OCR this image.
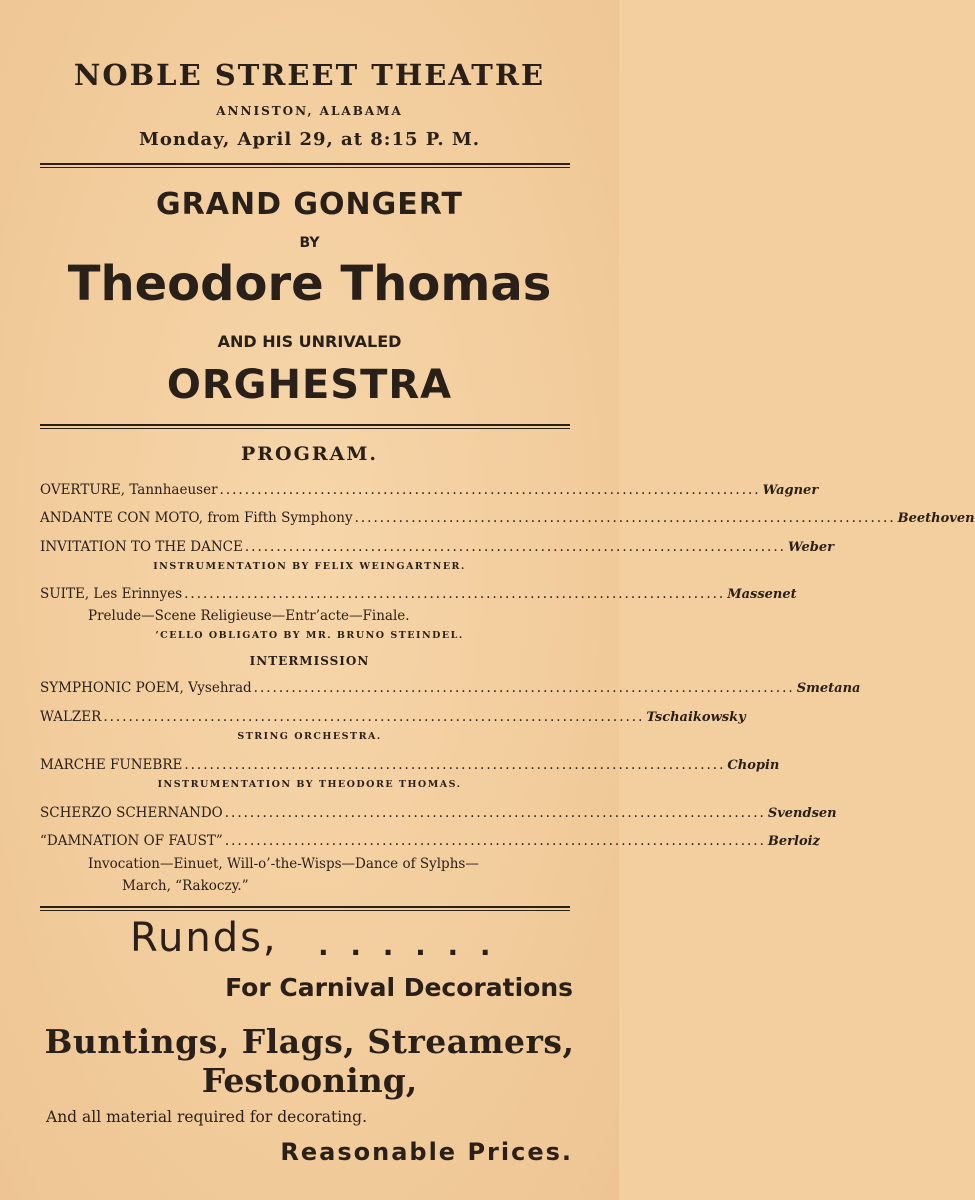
NOBLE STREET THEATRE
ANNISTON, ALABAMA
Monday, April 29, at 8:15 P. M.
GRAND GONGERT
BY
Theodore Thomas
AND HIS UNRIVALED
ORGHESTRA
PROGRAM.
OVERTURE, Tannhaeuser ...................................................................................... Wagner
ANDANTE CON MOTO, from Fifth Symphony ...................................................................................... Beethoven
INVITATION TO THE DANCE ...................................................................................... Weber
INSTRUMENTATION BY FELIX WEINGARTNER.
SUITE, Les Erinnyes ...................................................................................... Massenet
Prelude—Scene Religieuse—Entr’acte—Finale.
’CELLO OBLIGATO BY MR. BRUNO STEINDEL.
INTERMISSION
SYMPHONIC POEM, Vysehrad ...................................................................................... Smetana
WALZER ...................................................................................... Tschaikowsky
STRING ORCHESTRA.
MARCHE FUNEBRE ...................................................................................... Chopin
INSTRUMENTATION BY THEODORE THOMAS.
SCHERZO SCHERNANDO ...................................................................................... Svendsen
“DAMNATION OF FAUST” ...................................................................................... Berloiz
Invocation—Einuet, Will-o’-the-Wisps—Dance of Sylphs—
March, “Rakoczy.”
Runds, . . . . . .
For Carnival Decorations
Buntings, Flags, Streamers,
Festooning,
And all material required for decorating.
Reasonable Prices.
